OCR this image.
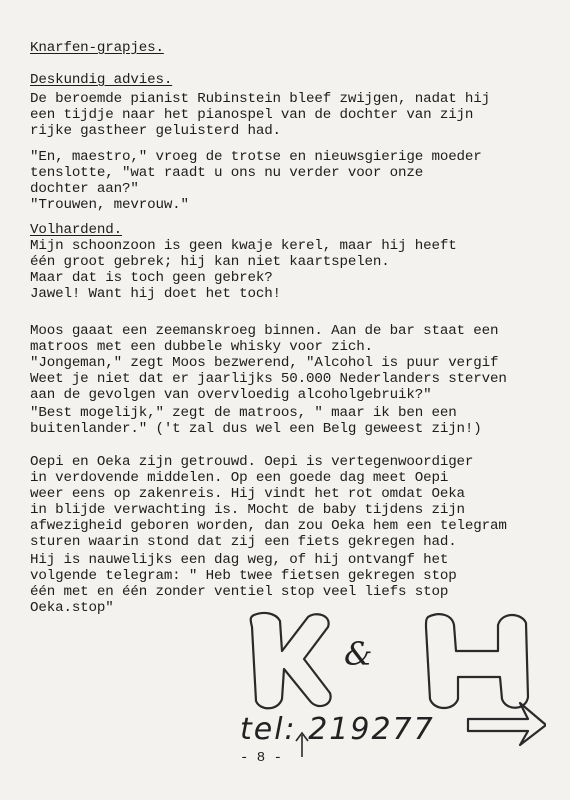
Knarfen-grapjes.
Deskundig advies.
De beroemde pianist Rubinstein bleef zwijgen, nadat hij
een tijdje naar het pianospel van de dochter van zijn
rijke gastheer geluisterd had.
"En, maestro," vroeg de trotse en nieuwsgierige moeder
tenslotte, "wat raadt u ons nu verder voor onze
dochter aan?"
"Trouwen, mevrouw."
Volhardend.
Mijn schoonzoon is geen kwaje kerel, maar hij heeft
één groot gebrek; hij kan niet kaartspelen.
Maar dat is toch geen gebrek?
Jawel! Want hij doet het toch!
Moos gaaat een zeemanskroeg binnen. Aan de bar staat een
matroos met een dubbele whisky voor zich.
"Jongeman," zegt Moos bezwerend, "Alcohol is puur vergif
Weet je niet dat er jaarlijks 50.000 Nederlanders sterven
aan de gevolgen van overvloedig alcoholgebruik?"
"Best mogelijk," zegt de matroos, " maar ik ben een
buitenlander." ('t zal dus wel een Belg geweest zijn!)
Oepi en Oeka zijn getrouwd. Oepi is vertegenwoordiger
in verdovende middelen. Op een goede dag meet Oepi
weer eens op zakenreis. Hij vindt het rot omdat Oeka
in blijde verwachting is. Mocht de baby tijdens zijn
afwezigheid geboren worden, dan zou Oeka hem een telegram
sturen waarin stond dat zij een fiets gekregen had.
Hij is nauwelijks een dag weg, of hij ontvangf het
volgende telegram: " Heb twee fietsen gekregen stop
één met en één zonder ventiel stop veel liefs stop
Oeka.stop"
&
tel: 219277
- 8 -
